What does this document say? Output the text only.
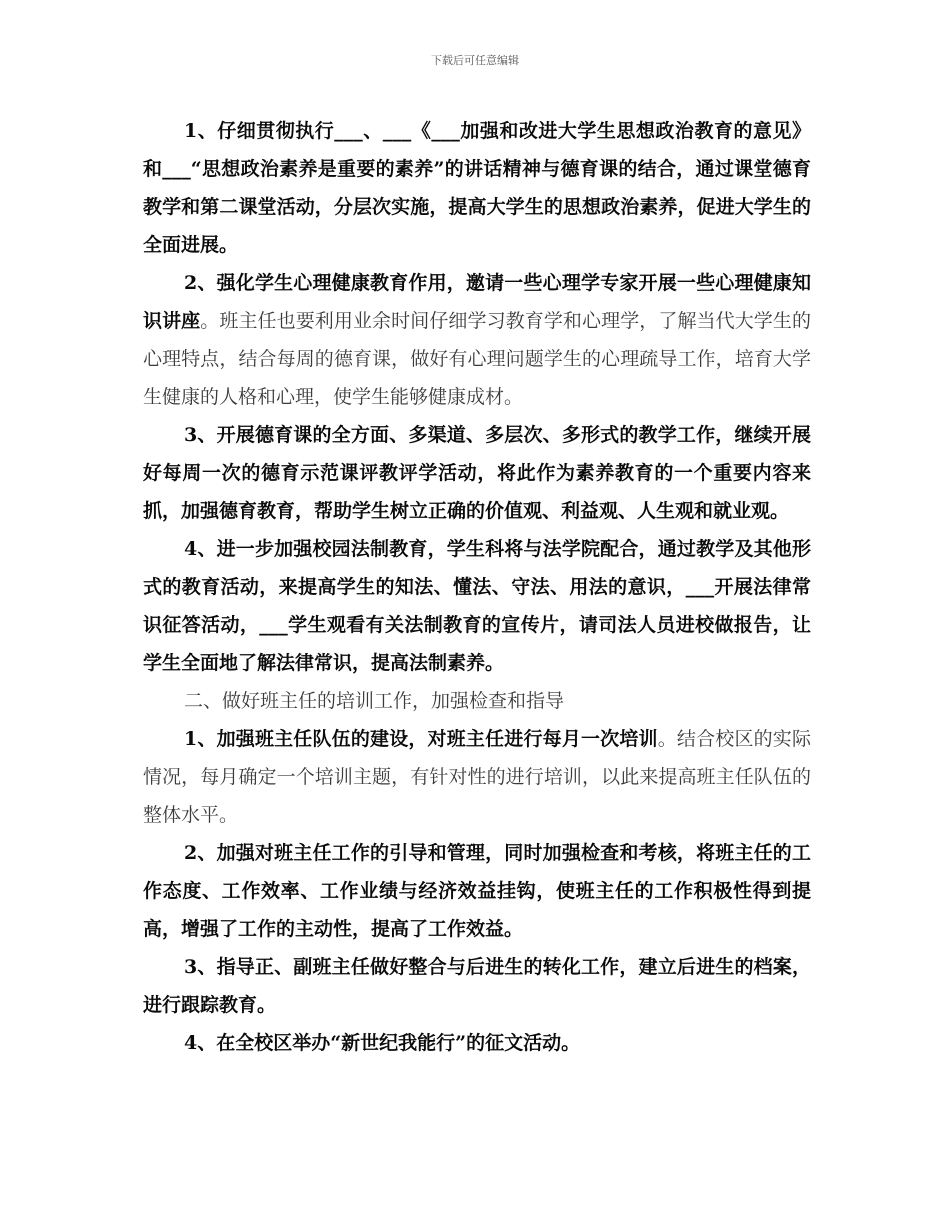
下载后可任意编辑

1、仔细贯彻执行___、___《___加强和改进大学生思想政治教育的意见》和___“思想政治素养是重要的素养”的讲话精神与德育课的结合，通过课堂德育教学和第二课堂活动，分层次实施，提高大学生的思想政治素养，促进大学生的全面进展。

2、强化学生心理健康教育作用，邀请一些心理学专家开展一些心理健康知识讲座。班主任也要利用业余时间仔细学习教育学和心理学，了解当代大学生的心理特点，结合每周的德育课，做好有心理问题学生的心理疏导工作，培育大学生健康的人格和心理，使学生能够健康成材。

3、开展德育课的全方面、多渠道、多层次、多形式的教学工作，继续开展好每周一次的德育示范课评教评学活动，将此作为素养教育的一个重要内容来抓，加强德育教育，帮助学生树立正确的价值观、利益观、人生观和就业观。

4、进一步加强校园法制教育，学生科将与法学院配合，通过教学及其他形式的教育活动，来提高学生的知法、懂法、守法、用法的意识，___开展法律常识征答活动，___学生观看有关法制教育的宣传片，请司法人员进校做报告，让学生全面地了解法律常识，提高法制素养。

二、做好班主任的培训工作，加强检查和指导

1、加强班主任队伍的建设，对班主任进行每月一次培训。结合校区的实际情况，每月确定一个培训主题，有针对性的进行培训，以此来提高班主任队伍的整体水平。

2、加强对班主任工作的引导和管理，同时加强检查和考核，将班主任的工作态度、工作效率、工作业绩与经济效益挂钩，使班主任的工作积极性得到提高，增强了工作的主动性，提高了工作效益。

3、指导正、副班主任做好整合与后进生的转化工作，建立后进生的档案，进行跟踪教育。

4、在全校区举办“新世纪我能行”的征文活动。
